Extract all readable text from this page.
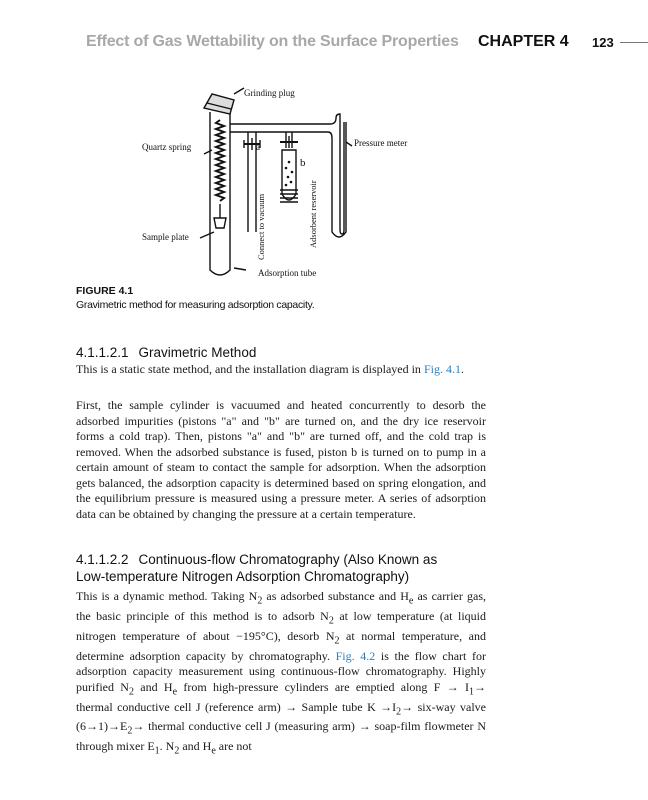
Effect of Gas Wettability on the Surface Properties CHAPTER 4 123
Grinding plug
Quartz spring	Pressure meter
Sample plate
a
b
Connect to vacuum	Adsorbent reservoir
Adsorption tube
FIGURE 4.1
Gravimetric method for measuring adsorption capacity.
4.1.1.2.1 Gravimetric Method

This is a static state method, and the installation diagram is displayed in Fig. 4.1.

First, the sample cylinder is vacuumed and heated concurrently to desorb the adsorbed impurities (pistons "a" and "b" are turned on, and the dry ice reservoir forms a cold trap). Then, pistons "a" and "b" are turned off, and the cold trap is removed. When the adsorbed substance is fused, piston b is turned on to pump in a certain amount of steam to contact the sample for adsorption. When the adsorption gets balanced, the adsorption capacity is determined based on spring elongation, and the equilibrium pressure is measured using a pressure meter. A series of adsorption data can be obtained by changing the pressure at a certain temperature.

4.1.1.2.2 Continuous-flow Chromatography (Also Known as
Low-temperature Nitrogen Adsorption Chromatography)

This is a dynamic method. Taking $N_2$ as adsorbed substance and $H_e$ as carrier gas, the basic principle of this method is to adsorb $N_2$ at low temperature (at liquid nitrogen temperature of about −195°C), desorb $N_2$ at normal temperature, and determine adsorption capacity by chromatography. Fig. 4.2 is the flow chart for adsorption capacity measurement using continuous-flow chromatography. Highly purified $N_2$ and $H_e$ from high-pressure cylinders are emptied along $F \to I_1\to$ thermal conductive cell J (reference arm) → Sample tube $K \to I_2\to six-way$ valve $(6\to 1)\to E_2\to$ thermal conductive cell J (measuring arm) → soap-film flowmeter N through mixer $E_1$. $N_2$ and $H_e$ are not
